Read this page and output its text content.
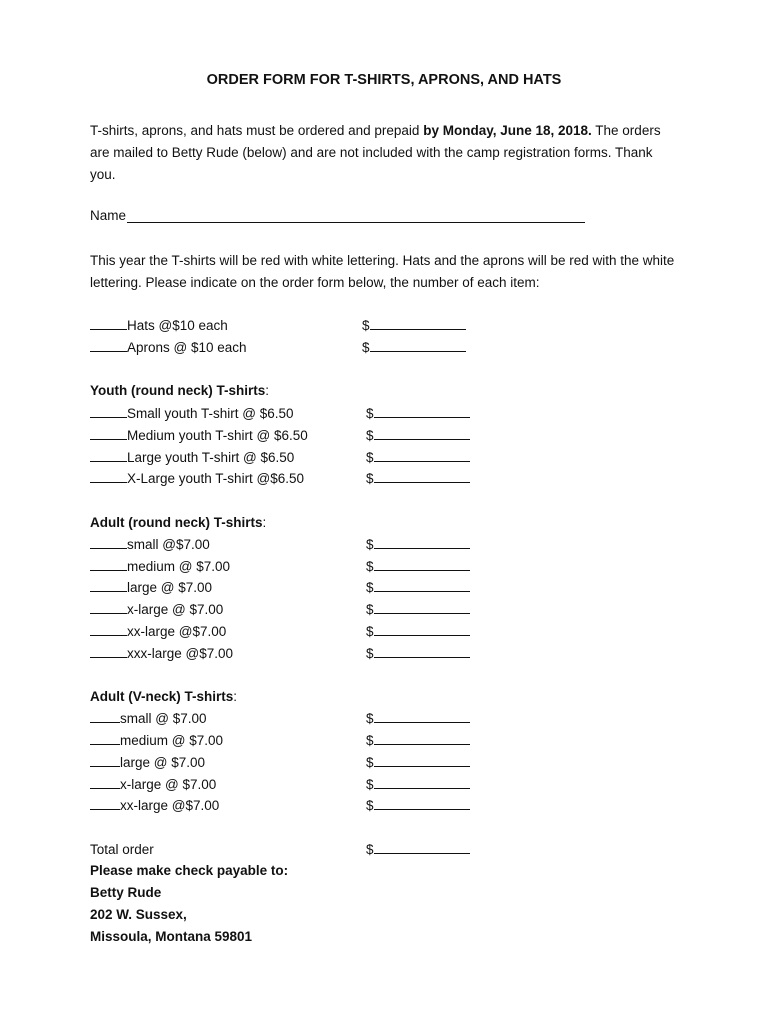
ORDER FORM FOR T-SHIRTS, APRONS, AND HATS
T-shirts, aprons, and hats must be ordered and prepaid by Monday, June 18, 2018. The orders are mailed to Betty Rude (below) and are not included with the camp registration forms. Thank you.
Name
This year the T-shirts will be red with white lettering. Hats and the aprons will be red with the white lettering. Please indicate on the order form below, the number of each item:
Hats @$10 each	$
Aprons @ $10 each	$
Youth (round neck) T-shirts:
Small youth T-shirt @ $6.50	$
Medium youth T-shirt @ $6.50	$
Large youth T-shirt @ $6.50	$
X-Large youth T-shirt @$6.50	$
Adult (round neck) T-shirts:
small @$7.00	$
medium @ $7.00	$
large @ $7.00	$
x-large @ $7.00	$
xx-large @$7.00	$
xxx-large @$7.00	$
Adult (V-neck) T-shirts:
small @ $7.00	$
medium @ $7.00	$
large @ $7.00	$
x-large @ $7.00	$
xx-large @$7.00	$
Total order	$
Please make check payable to:
Betty Rude
202 W. Sussex,
Missoula, Montana 59801
